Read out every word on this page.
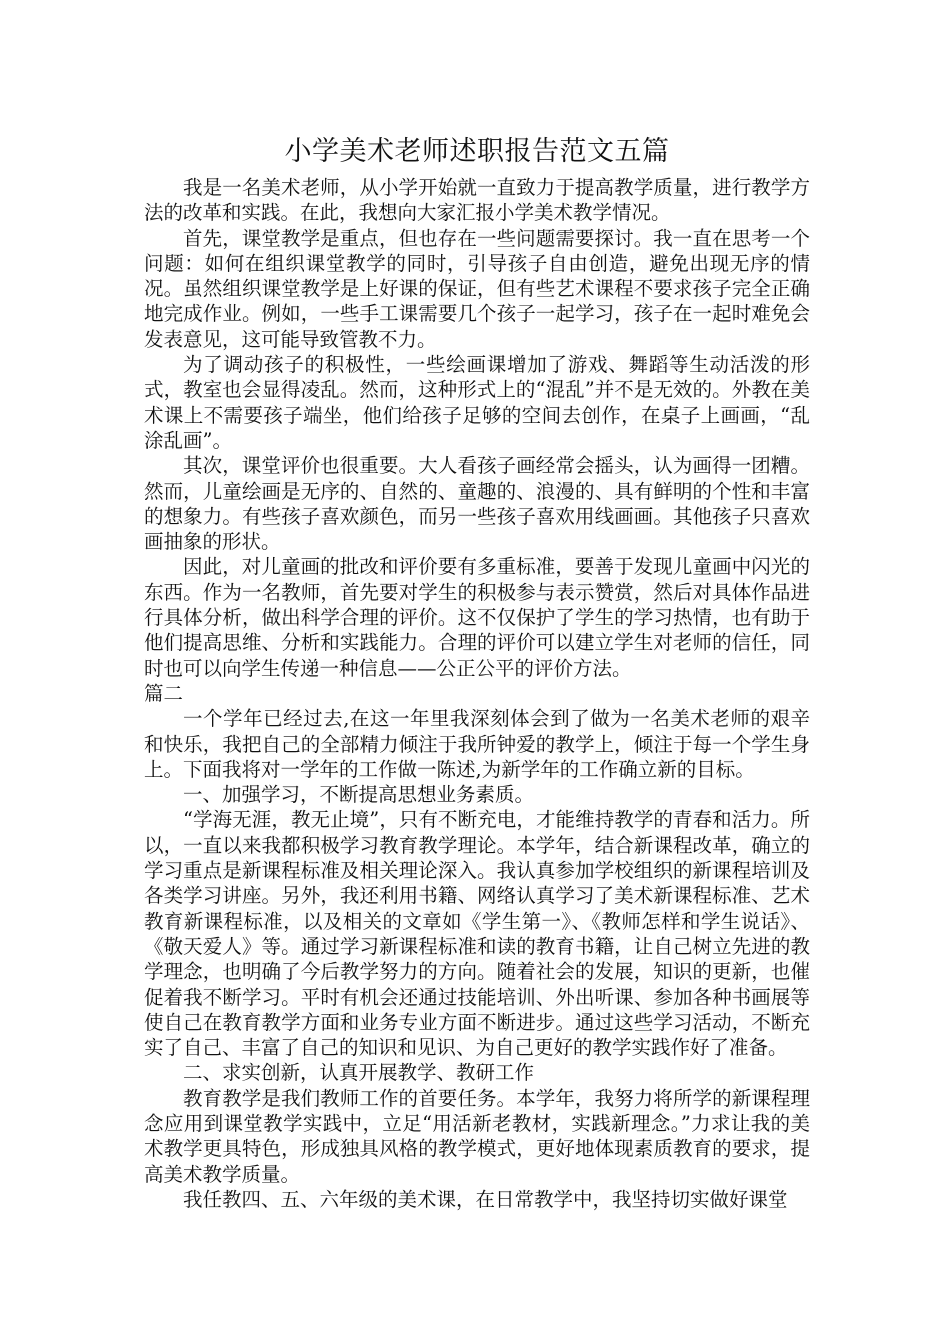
小学美术老师述职报告范文五篇

我是一名美术老师，从小学开始就一直致力于提高教学质量，进行教学方法的改革和实践。在此，我想向大家汇报小学美术教学情况。

首先，课堂教学是重点，但也存在一些问题需要探讨。我一直在思考一个问题：如何在组织课堂教学的同时，引导孩子自由创造，避免出现无序的情况。虽然组织课堂教学是上好课的保证，但有些艺术课程不要求孩子完全正确地完成作业。例如，一些手工课需要几个孩子一起学习，孩子在一起时难免会发表意见，这可能导致管教不力。

为了调动孩子的积极性，一些绘画课增加了游戏、舞蹈等生动活泼的形式，教室也会显得凌乱。然而，这种形式上的“混乱”并不是无效的。外教在美术课上不需要孩子端坐，他们给孩子足够的空间去创作，在桌子上画画，“乱涂乱画”。

其次，课堂评价也很重要。大人看孩子画经常会摇头，认为画得一团糟。然而，儿童绘画是无序的、自然的、童趣的、浪漫的、具有鲜明的个性和丰富的想象力。有些孩子喜欢颜色，而另一些孩子喜欢用线画画。其他孩子只喜欢画抽象的形状。

因此，对儿童画的批改和评价要有多重标准，要善于发现儿童画中闪光的东西。作为一名教师，首先要对学生的积极参与表示赞赏，然后对具体作品进行具体分析，做出科学合理的评价。这不仅保护了学生的学习热情，也有助于他们提高思维、分析和实践能力。合理的评价可以建立学生对老师的信任，同时也可以向学生传递一种信息——公正公平的评价方法。

篇二

一个学年已经过去,在这一年里我深刻体会到了做为一名美术老师的艰辛和快乐，我把自己的全部精力倾注于我所钟爱的教学上，倾注于每一个学生身上。下面我将对一学年的工作做一陈述,为新学年的工作确立新的目标。

一、加强学习，不断提高思想业务素质。

“学海无涯，教无止境”，只有不断充电，才能维持教学的青春和活力。所以，一直以来我都积极学习教育教学理论。本学年，结合新课程改革，确立的学习重点是新课程标准及相关理论深入。我认真参加学校组织的新课程培训及各类学习讲座。另外，我还利用书籍、网络认真学习了美术新课程标准、艺术教育新课程标准，以及相关的文章如《学生第一》、《教师怎样和学生说话》、《敬天爱人》等。通过学习新课程标准和读的教育书籍，让自己树立先进的教学理念，也明确了今后教学努力的方向。随着社会的发展，知识的更新，也催促着我不断学习。平时有机会还通过技能培训、外出听课、参加各种书画展等使自己在教育教学方面和业务专业方面不断进步。通过这些学习活动，不断充实了自己、丰富了自己的知识和见识、为自己更好的教学实践作好了准备。

二、求实创新，认真开展教学、教研工作

教育教学是我们教师工作的首要任务。本学年，我努力将所学的新课程理念应用到课堂教学实践中，立足“用活新老教材，实践新理念。”力求让我的美术教学更具特色，形成独具风格的教学模式，更好地体现素质教育的要求，提高美术教学质量。

我任教四、五、六年级的美术课，在日常教学中，我坚持切实做好课堂
